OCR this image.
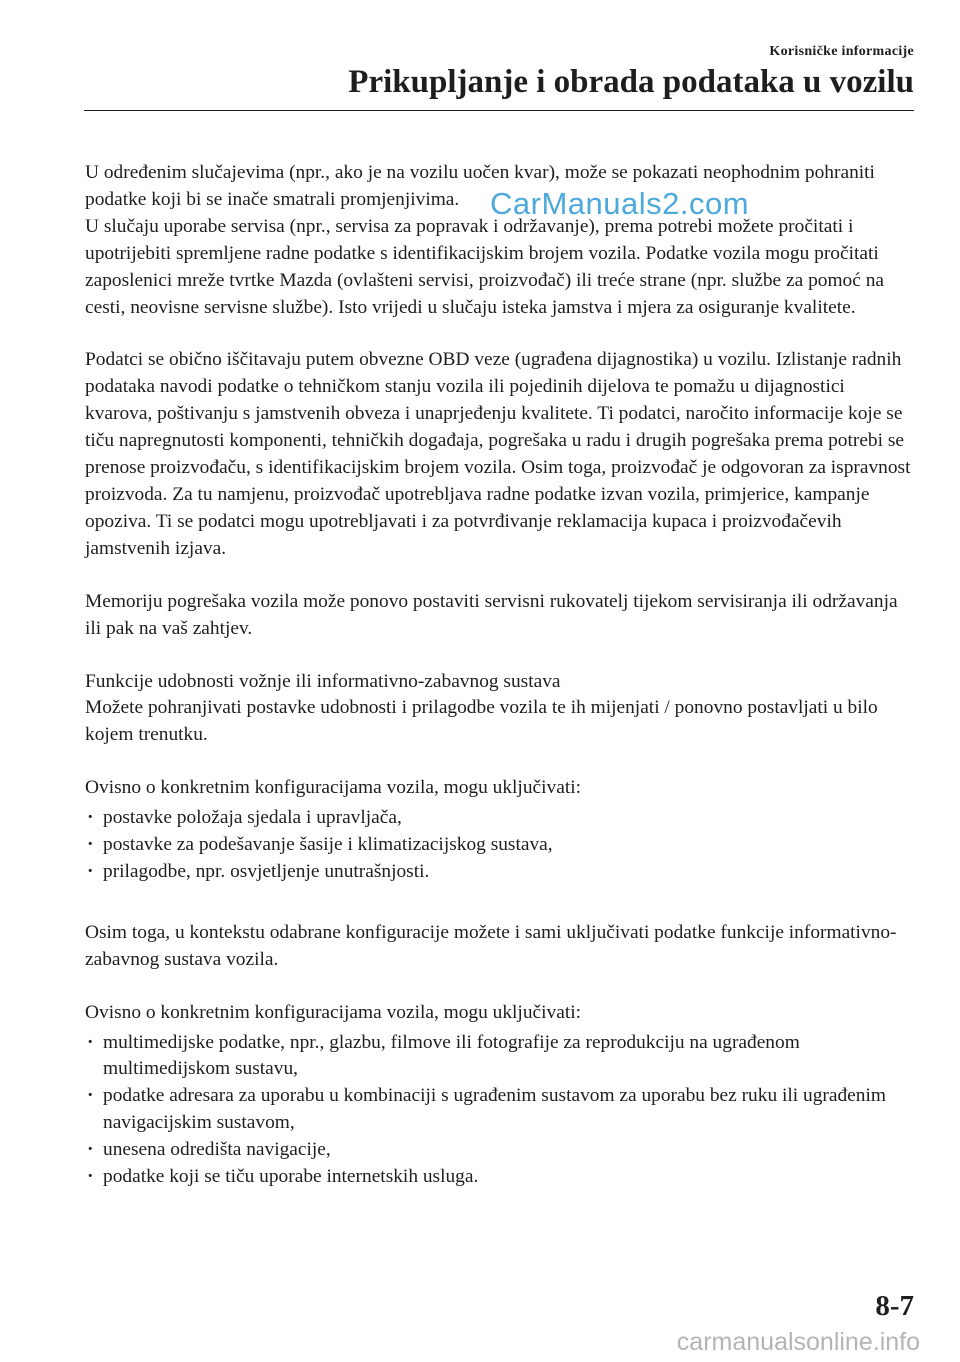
Korisničke informacije
Prikupljanje i obrada podataka u vozilu

U određenim slučajevima (npr., ako je na vozilu uočen kvar), može se pokazati neophodnim pohraniti podatke koji bi se inače smatrali promjenjivima.

U slučaju uporabe servisa (npr., servisa za popravak i održavanje), prema potrebi možete pročitati i upotrijebiti spremljene radne podatke s identifikacijskim brojem vozila. Podatke vozila mogu pročitati zaposlenici mreže tvrtke Mazda (ovlašteni servisi, proizvođač) ili treće strane (npr. službe za pomoć na cesti, neovisne servisne službe). Isto vrijedi u slučaju isteka jamstva i mjera za osiguranje kvalitete.

Podatci se obično iščitavaju putem obvezne OBD veze (ugrađena dijagnostika) u vozilu. Izlistanje radnih podataka navodi podatke o tehničkom stanju vozila ili pojedinih dijelova te pomažu u dijagnostici kvarova, poštivanju s jamstvenih obveza i unaprjeđenju kvalitete. Ti podatci, naročito informacije koje se tiču napregnutosti komponenti, tehničkih događaja, pogrešaka u radu i drugih pogrešaka prema potrebi se prenose proizvođaču, s identifikacijskim brojem vozila. Osim toga, proizvođač je odgovoran za ispravnost proizvoda. Za tu namjenu, proizvođač upotrebljava radne podatke izvan vozila, primjerice, kampanje opoziva. Ti se podatci mogu upotrebljavati i za potvrđivanje reklamacija kupaca i proizvođačevih jamstvenih izjava.

Memoriju pogrešaka vozila može ponovo postaviti servisni rukovatelj tijekom servisiranja ili održavanja ili pak na vaš zahtjev.

Funkcije udobnosti vožnje ili informativno-zabavnog sustava

Možete pohranjivati postavke udobnosti i prilagodbe vozila te ih mijenjati / ponovno postavljati u bilo kojem trenutku.

Ovisno o konkretnim konfiguracijama vozila, mogu uključivati:

· postavke položaja sjedala i upravljača,
· postavke za podešavanje šasije i klimatizacijskog sustava,
· prilagodbe, npr. osvjetljenje unutrašnjosti.

Osim toga, u kontekstu odabrane konfiguracije možete i sami uključivati podatke funkcije informativno-zabavnog sustava vozila.

Ovisno o konkretnim konfiguracijama vozila, mogu uključivati:

· multimedijske podatke, npr., glazbu, filmove ili fotografije za reprodukciju na ugrađenom multimedijskom sustavu,
· podatke adresara za uporabu u kombinaciji s ugrađenim sustavom za uporabu bez ruku ili ugrađenim navigacijskim sustavom,
· unesena odredišta navigacije,
· podatke koji se tiču uporabe internetskih usluga.
CarManuals2.com
8-7
carmanualsonline.info
